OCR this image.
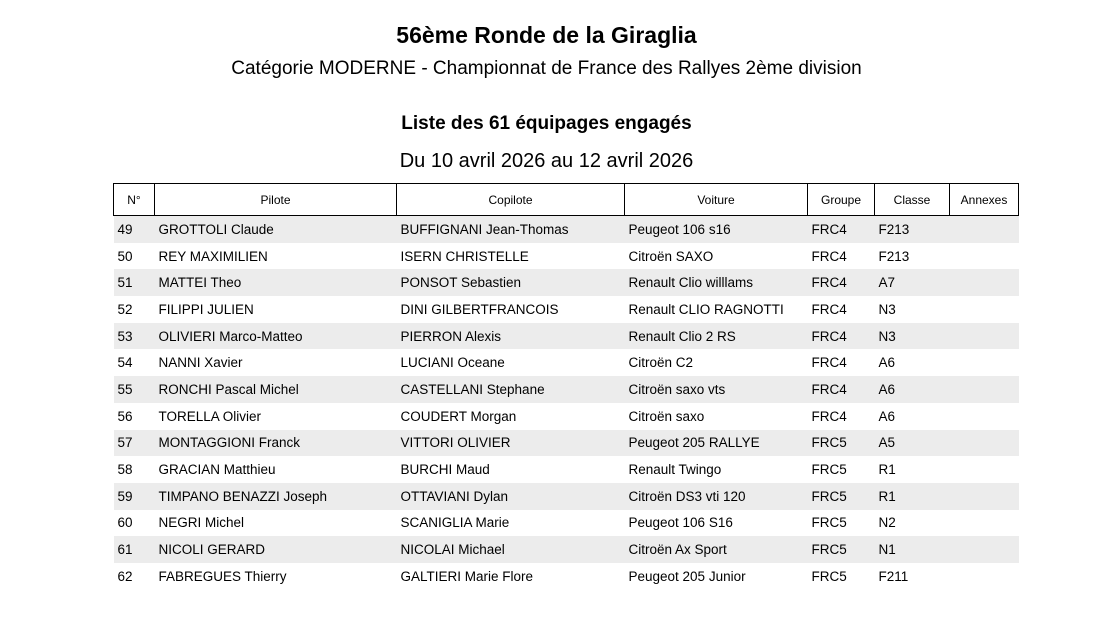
56ème Ronde de la Giraglia
Catégorie MODERNE - Championnat de France des Rallyes 2ème division
Liste des 61 équipages engagés
Du 10 avril 2026 au 12 avril 2026
N°	Pilote	Copilote	Voiture	Groupe	Classe	Annexes
49	GROTTOLI Claude	BUFFIGNANI Jean-Thomas	Peugeot 106 s16	FRC4	F213	
50	REY MAXIMILIEN	ISERN CHRISTELLE	Citroën SAXO	FRC4	F213	
51	MATTEI Theo	PONSOT Sebastien	Renault Clio willlams	FRC4	A7	
52	FILIPPI JULIEN	DINI GILBERTFRANCOIS	Renault CLIO RAGNOTTI	FRC4	N3	
53	OLIVIERI Marco-Matteo	PIERRON Alexis	Renault Clio 2 RS	FRC4	N3	
54	NANNI Xavier	LUCIANI Oceane	Citroën C2	FRC4	A6	
55	RONCHI Pascal Michel	CASTELLANI Stephane	Citroën saxo vts	FRC4	A6	
56	TORELLA Olivier	COUDERT Morgan	Citroën saxo	FRC4	A6	
57	MONTAGGIONI Franck	VITTORI OLIVIER	Peugeot 205 RALLYE	FRC5	A5	
58	GRACIAN Matthieu	BURCHI Maud	Renault Twingo	FRC5	R1	
59	TIMPANO BENAZZI Joseph	OTTAVIANI Dylan	Citroën DS3 vti 120	FRC5	R1	
60	NEGRI Michel	SCANIGLIA Marie	Peugeot 106 S16	FRC5	N2	
61	NICOLI GERARD	NICOLAI Michael	Citroën Ax Sport	FRC5	N1	
62	FABREGUES Thierry	GALTIERI Marie Flore	Peugeot 205 Junior	FRC5	F211	
